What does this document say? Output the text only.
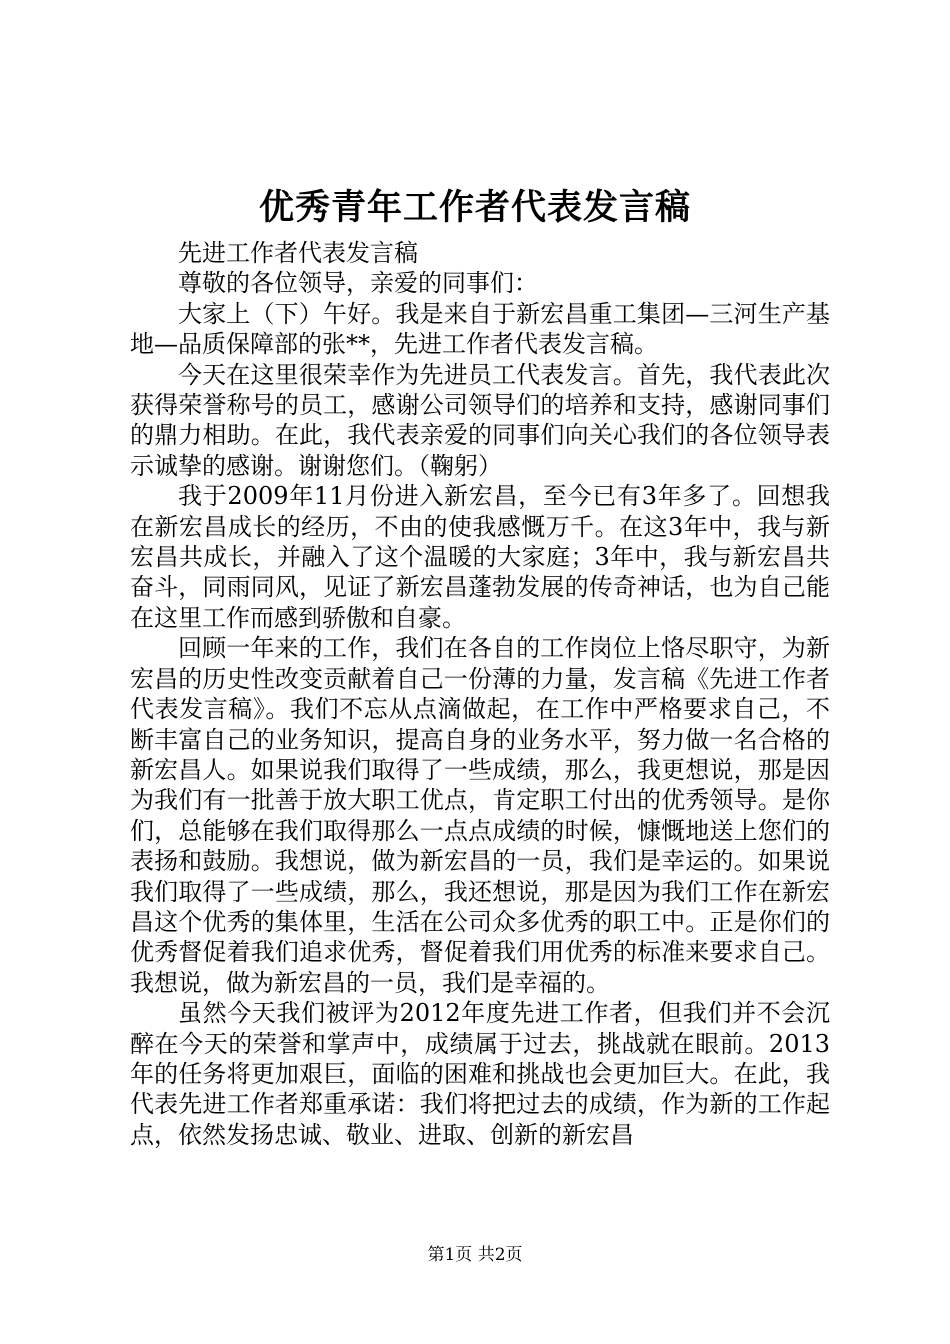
优秀青年工作者代表发言稿

先进工作者代表发言稿

尊敬的各位领导，亲爱的同事们：

大家上（下）午好。我是来自于新宏昌重工集团—三河生产基地—品质保障部的张**，先进工作者代表发言稿。

今天在这里很荣幸作为先进员工代表发言。首先，我代表此次获得荣誉称号的员工，感谢公司领导们的培养和支持，感谢同事们的鼎力相助。在此，我代表亲爱的同事们向关心我们的各位领导表示诚挚的感谢。谢谢您们。（鞠躬）

我于2009年11月份进入新宏昌，至今已有3年多了。回想我在新宏昌成长的经历，不由的使我感慨万千。在这3年中，我与新宏昌共成长，并融入了这个温暖的大家庭；3年中，我与新宏昌共奋斗，同雨同风，见证了新宏昌蓬勃发展的传奇神话，也为自己能在这里工作而感到骄傲和自豪。

回顾一年来的工作，我们在各自的工作岗位上恪尽职守，为新宏昌的历史性改变贡献着自己一份薄的力量，发言稿《先进工作者代表发言稿》。我们不忘从点滴做起，在工作中严格要求自己，不断丰富自己的业务知识，提高自身的业务水平，努力做一名合格的新宏昌人。如果说我们取得了一些成绩，那么，我更想说，那是因为我们有一批善于放大职工优点，肯定职工付出的优秀领导。是你们，总能够在我们取得那么一点点成绩的时候，慷慨地送上您们的表扬和鼓励。我想说，做为新宏昌的一员，我们是幸运的。如果说我们取得了一些成绩，那么，我还想说，那是因为我们工作在新宏昌这个优秀的集体里，生活在公司众多优秀的职工中。正是你们的优秀督促着我们追求优秀，督促着我们用优秀的标准来要求自己。我想说，做为新宏昌的一员，我们是幸福的。

虽然今天我们被评为2012年度先进工作者，但我们并不会沉醉在今天的荣誉和掌声中，成绩属于过去，挑战就在眼前。2013年的任务将更加艰巨，面临的困难和挑战也会更加巨大。在此，我代表先进工作者郑重承诺：我们将把过去的成绩，作为新的工作起点，依然发扬忠诚、敬业、进取、创新的新宏昌

第1页 共2页
